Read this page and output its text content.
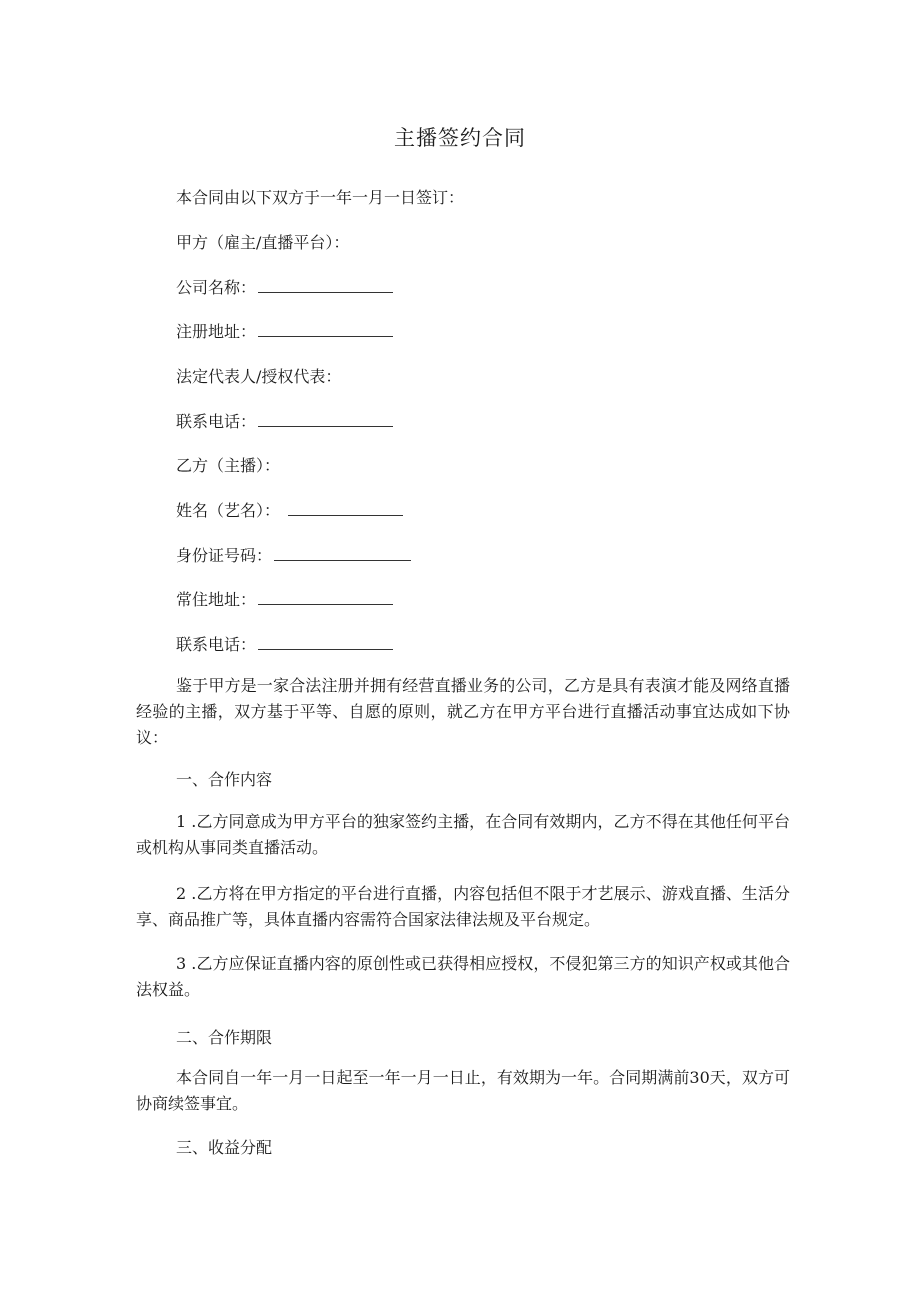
主播签约合同
本合同由以下双方于一年一月一日签订：
甲方（雇主/直播平台）：
公司名称：
注册地址：
法定代表人/授权代表：
联系电话：
乙方（主播）：
姓名（艺名）：
身份证号码：
常住地址：
联系电话：
鉴于甲方是一家合法注册并拥有经营直播业务的公司，乙方是具有表演才能及网络直播经验的主播，双方基于平等、自愿的原则，就乙方在甲方平台进行直播活动事宜达成如下协议：
一、合作内容
1 .乙方同意成为甲方平台的独家签约主播，在合同有效期内，乙方不得在其他任何平台或机构从事同类直播活动。
2 .乙方将在甲方指定的平台进行直播，内容包括但不限于才艺展示、游戏直播、生活分享、商品推广等，具体直播内容需符合国家法律法规及平台规定。
3 .乙方应保证直播内容的原创性或已获得相应授权，不侵犯第三方的知识产权或其他合法权益。
二、合作期限
本合同自一年一月一日起至一年一月一日止，有效期为一年。合同期满前30天，双方可协商续签事宜。
三、收益分配
